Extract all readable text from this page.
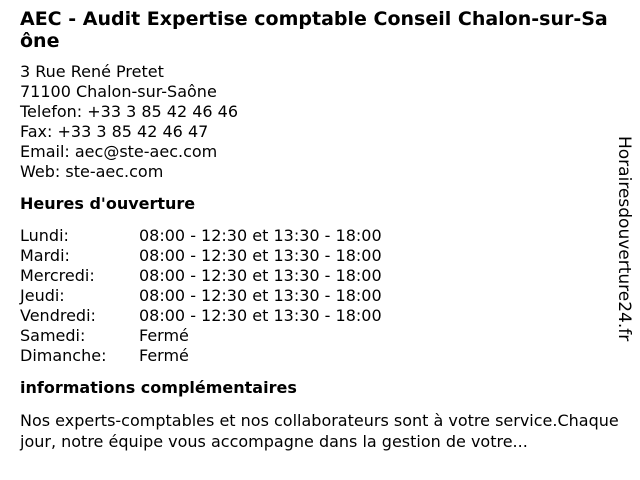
AEC - Audit Expertise comptable Conseil Chalon-sur-Saône
3 Rue René Pretet
71100 Chalon-sur-Saône
Telefon: +33 3 85 42 46 46
Fax: +33 3 85 42 46 47
Email: aec@ste-aec.com
Web: ste-aec.com
Heures d'ouverture
Lundi:	08:00 - 12:30 et 13:30 - 18:00
Mardi:	08:00 - 12:30 et 13:30 - 18:00
Mercredi:	08:00 - 12:30 et 13:30 - 18:00
Jeudi:	08:00 - 12:30 et 13:30 - 18:00
Vendredi:	08:00 - 12:30 et 13:30 - 18:00
Samedi:	Fermé
Dimanche:	Fermé
informations complémentaires
Nos experts-comptables et nos collaborateurs sont à votre service.Chaque jour, notre équipe vous accompagne dans la gestion de votre...
Horairesdouverture24.fr
